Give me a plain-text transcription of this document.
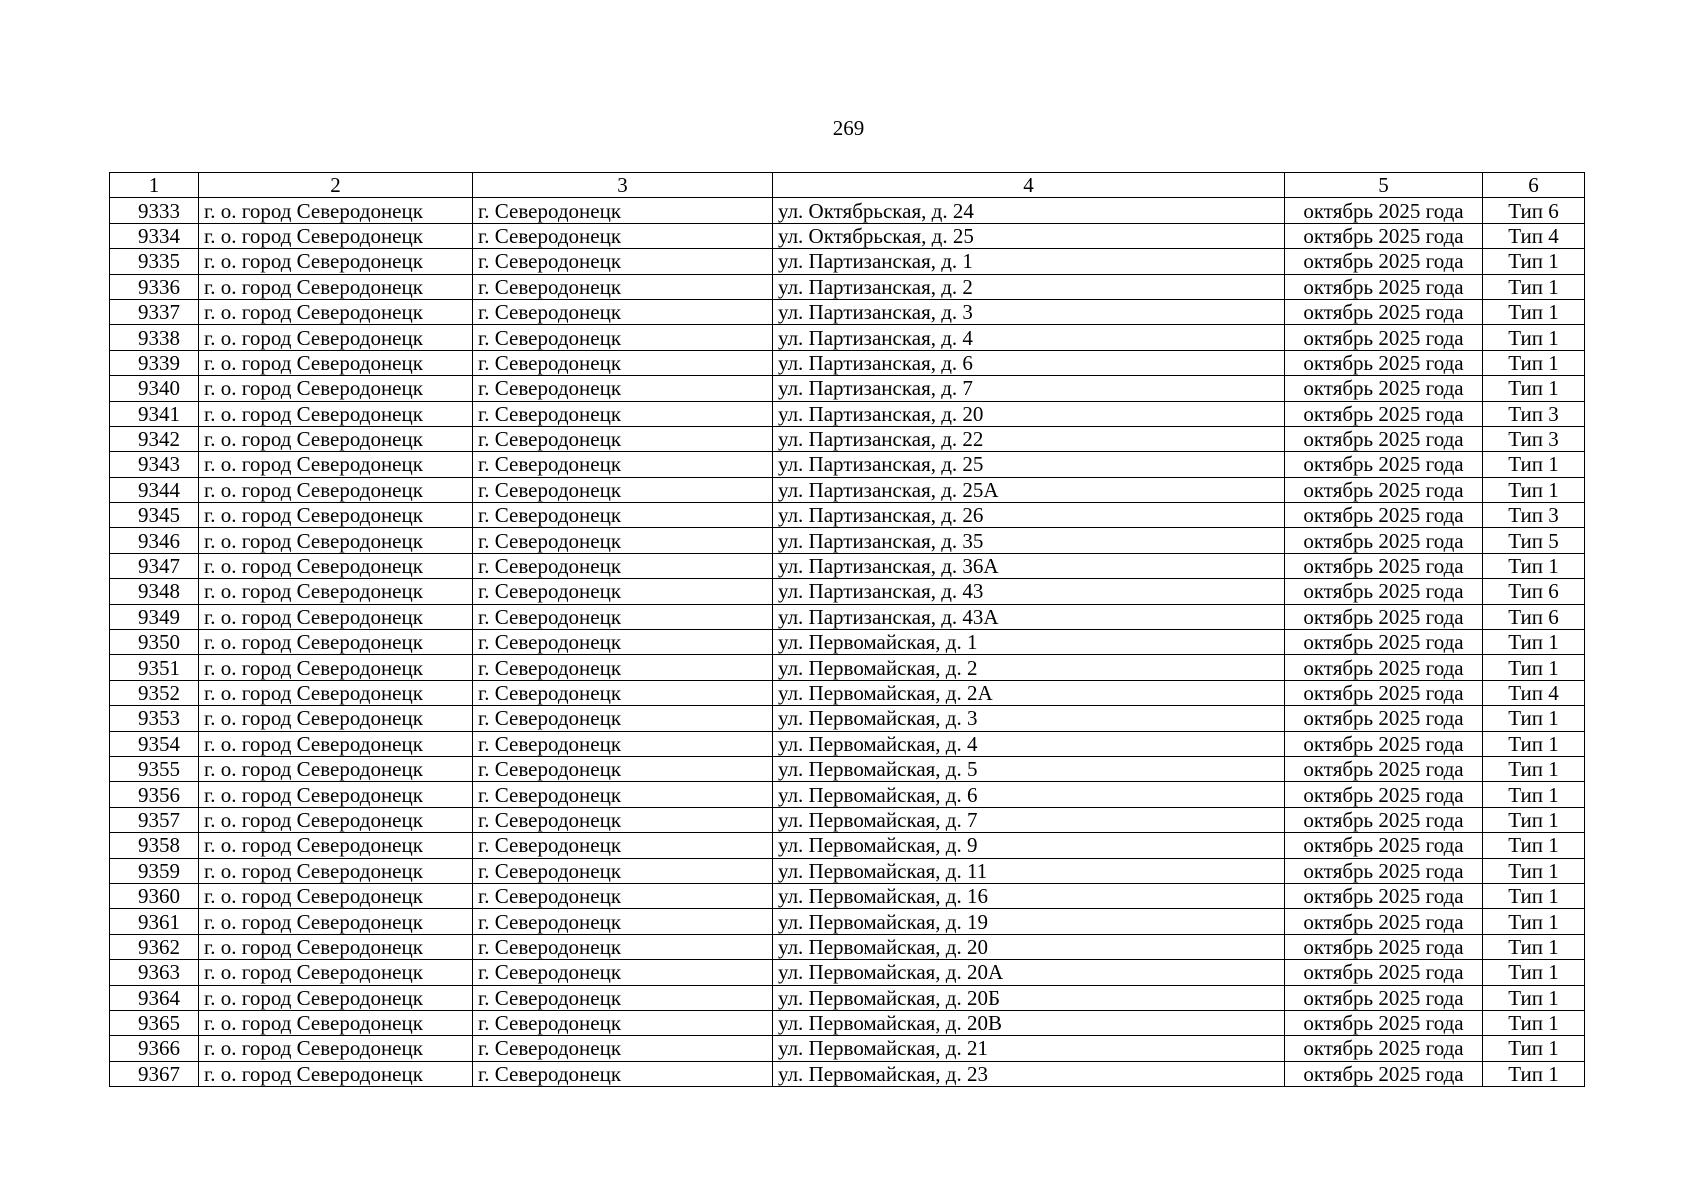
269
1	2	3	4	5	6
9333	г. о. город Северодонецк	г. Северодонецк	ул. Октябрьская, д. 24	октябрь 2025 года	Тип 6
9334	г. о. город Северодонецк	г. Северодонецк	ул. Октябрьская, д. 25	октябрь 2025 года	Тип 4
9335	г. о. город Северодонецк	г. Северодонецк	ул. Партизанская, д. 1	октябрь 2025 года	Тип 1
9336	г. о. город Северодонецк	г. Северодонецк	ул. Партизанская, д. 2	октябрь 2025 года	Тип 1
9337	г. о. город Северодонецк	г. Северодонецк	ул. Партизанская, д. 3	октябрь 2025 года	Тип 1
9338	г. о. город Северодонецк	г. Северодонецк	ул. Партизанская, д. 4	октябрь 2025 года	Тип 1
9339	г. о. город Северодонецк	г. Северодонецк	ул. Партизанская, д. 6	октябрь 2025 года	Тип 1
9340	г. о. город Северодонецк	г. Северодонецк	ул. Партизанская, д. 7	октябрь 2025 года	Тип 1
9341	г. о. город Северодонецк	г. Северодонецк	ул. Партизанская, д. 20	октябрь 2025 года	Тип 3
9342	г. о. город Северодонецк	г. Северодонецк	ул. Партизанская, д. 22	октябрь 2025 года	Тип 3
9343	г. о. город Северодонецк	г. Северодонецк	ул. Партизанская, д. 25	октябрь 2025 года	Тип 1
9344	г. о. город Северодонецк	г. Северодонецк	ул. Партизанская, д. 25А	октябрь 2025 года	Тип 1
9345	г. о. город Северодонецк	г. Северодонецк	ул. Партизанская, д. 26	октябрь 2025 года	Тип 3
9346	г. о. город Северодонецк	г. Северодонецк	ул. Партизанская, д. 35	октябрь 2025 года	Тип 5
9347	г. о. город Северодонецк	г. Северодонецк	ул. Партизанская, д. 36А	октябрь 2025 года	Тип 1
9348	г. о. город Северодонецк	г. Северодонецк	ул. Партизанская, д. 43	октябрь 2025 года	Тип 6
9349	г. о. город Северодонецк	г. Северодонецк	ул. Партизанская, д. 43А	октябрь 2025 года	Тип 6
9350	г. о. город Северодонецк	г. Северодонецк	ул. Первомайская, д. 1	октябрь 2025 года	Тип 1
9351	г. о. город Северодонецк	г. Северодонецк	ул. Первомайская, д. 2	октябрь 2025 года	Тип 1
9352	г. о. город Северодонецк	г. Северодонецк	ул. Первомайская, д. 2А	октябрь 2025 года	Тип 4
9353	г. о. город Северодонецк	г. Северодонецк	ул. Первомайская, д. 3	октябрь 2025 года	Тип 1
9354	г. о. город Северодонецк	г. Северодонецк	ул. Первомайская, д. 4	октябрь 2025 года	Тип 1
9355	г. о. город Северодонецк	г. Северодонецк	ул. Первомайская, д. 5	октябрь 2025 года	Тип 1
9356	г. о. город Северодонецк	г. Северодонецк	ул. Первомайская, д. 6	октябрь 2025 года	Тип 1
9357	г. о. город Северодонецк	г. Северодонецк	ул. Первомайская, д. 7	октябрь 2025 года	Тип 1
9358	г. о. город Северодонецк	г. Северодонецк	ул. Первомайская, д. 9	октябрь 2025 года	Тип 1
9359	г. о. город Северодонецк	г. Северодонецк	ул. Первомайская, д. 11	октябрь 2025 года	Тип 1
9360	г. о. город Северодонецк	г. Северодонецк	ул. Первомайская, д. 16	октябрь 2025 года	Тип 1
9361	г. о. город Северодонецк	г. Северодонецк	ул. Первомайская, д. 19	октябрь 2025 года	Тип 1
9362	г. о. город Северодонецк	г. Северодонецк	ул. Первомайская, д. 20	октябрь 2025 года	Тип 1
9363	г. о. город Северодонецк	г. Северодонецк	ул. Первомайская, д. 20А	октябрь 2025 года	Тип 1
9364	г. о. город Северодонецк	г. Северодонецк	ул. Первомайская, д. 20Б	октябрь 2025 года	Тип 1
9365	г. о. город Северодонецк	г. Северодонецк	ул. Первомайская, д. 20В	октябрь 2025 года	Тип 1
9366	г. о. город Северодонецк	г. Северодонецк	ул. Первомайская, д. 21	октябрь 2025 года	Тип 1
9367	г. о. город Северодонецк	г. Северодонецк	ул. Первомайская, д. 23	октябрь 2025 года	Тип 1
